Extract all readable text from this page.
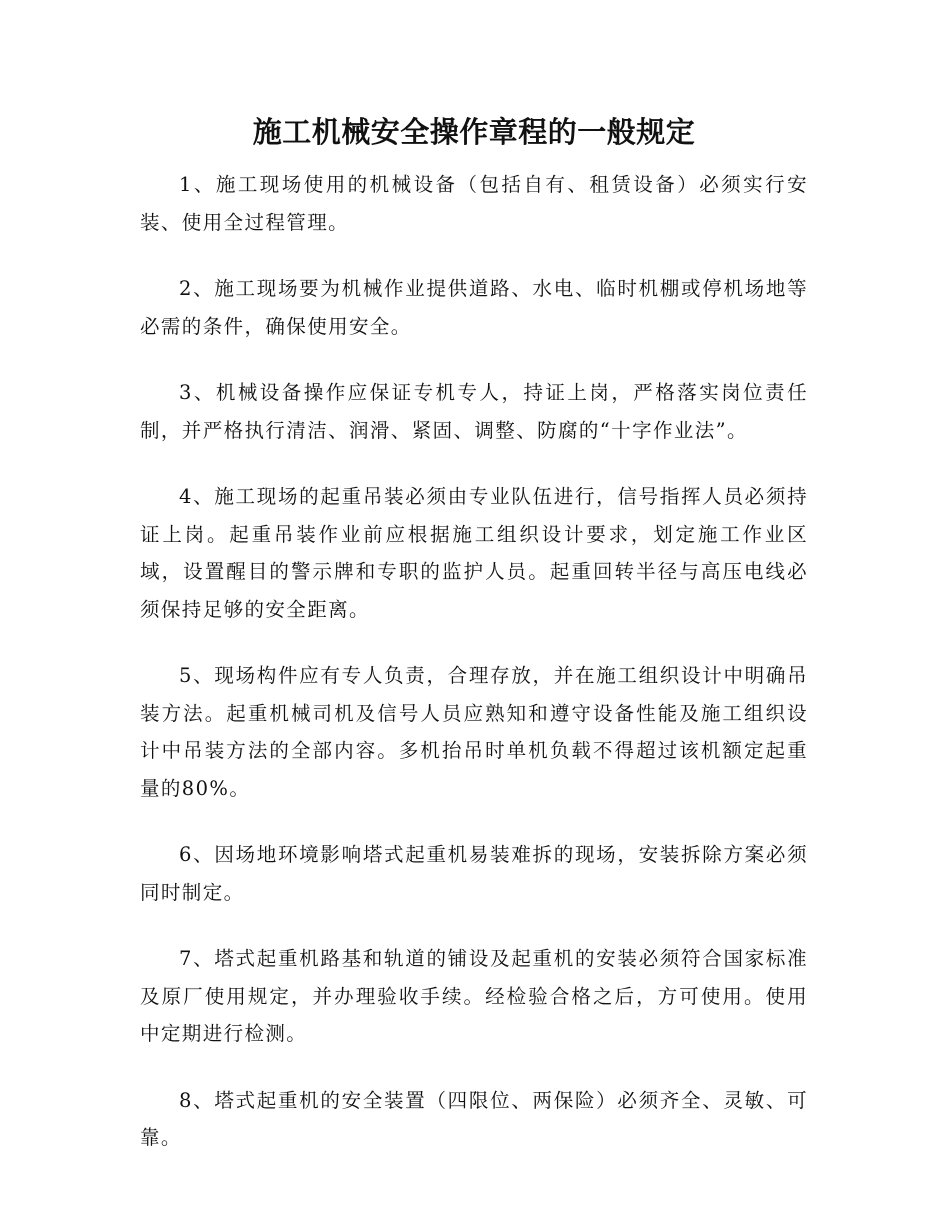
施工机械安全操作章程的一般规定

1、施工现场使用的机械设备（包括自有、租赁设备）必须实行安装、使用全过程管理。

2、施工现场要为机械作业提供道路、水电、临时机棚或停机场地等必需的条件，确保使用安全。

3、机械设备操作应保证专机专人，持证上岗，严格落实岗位责任制，并严格执行清洁、润滑、紧固、调整、防腐的“十字作业法”。

4、施工现场的起重吊装必须由专业队伍进行，信号指挥人员必须持证上岗。起重吊装作业前应根据施工组织设计要求，划定施工作业区域，设置醒目的警示牌和专职的监护人员。起重回转半径与高压电线必须保持足够的安全距离。

5、现场构件应有专人负责，合理存放，并在施工组织设计中明确吊装方法。起重机械司机及信号人员应熟知和遵守设备性能及施工组织设计中吊装方法的全部内容。多机抬吊时单机负载不得超过该机额定起重量的80%。

6、因场地环境影响塔式起重机易装难拆的现场，安装拆除方案必须同时制定。

7、塔式起重机路基和轨道的铺设及起重机的安装必须符合国家标准及原厂使用规定，并办理验收手续。经检验合格之后，方可使用。使用中定期进行检测。

8、塔式起重机的安全装置（四限位、两保险）必须齐全、灵敏、可靠。
